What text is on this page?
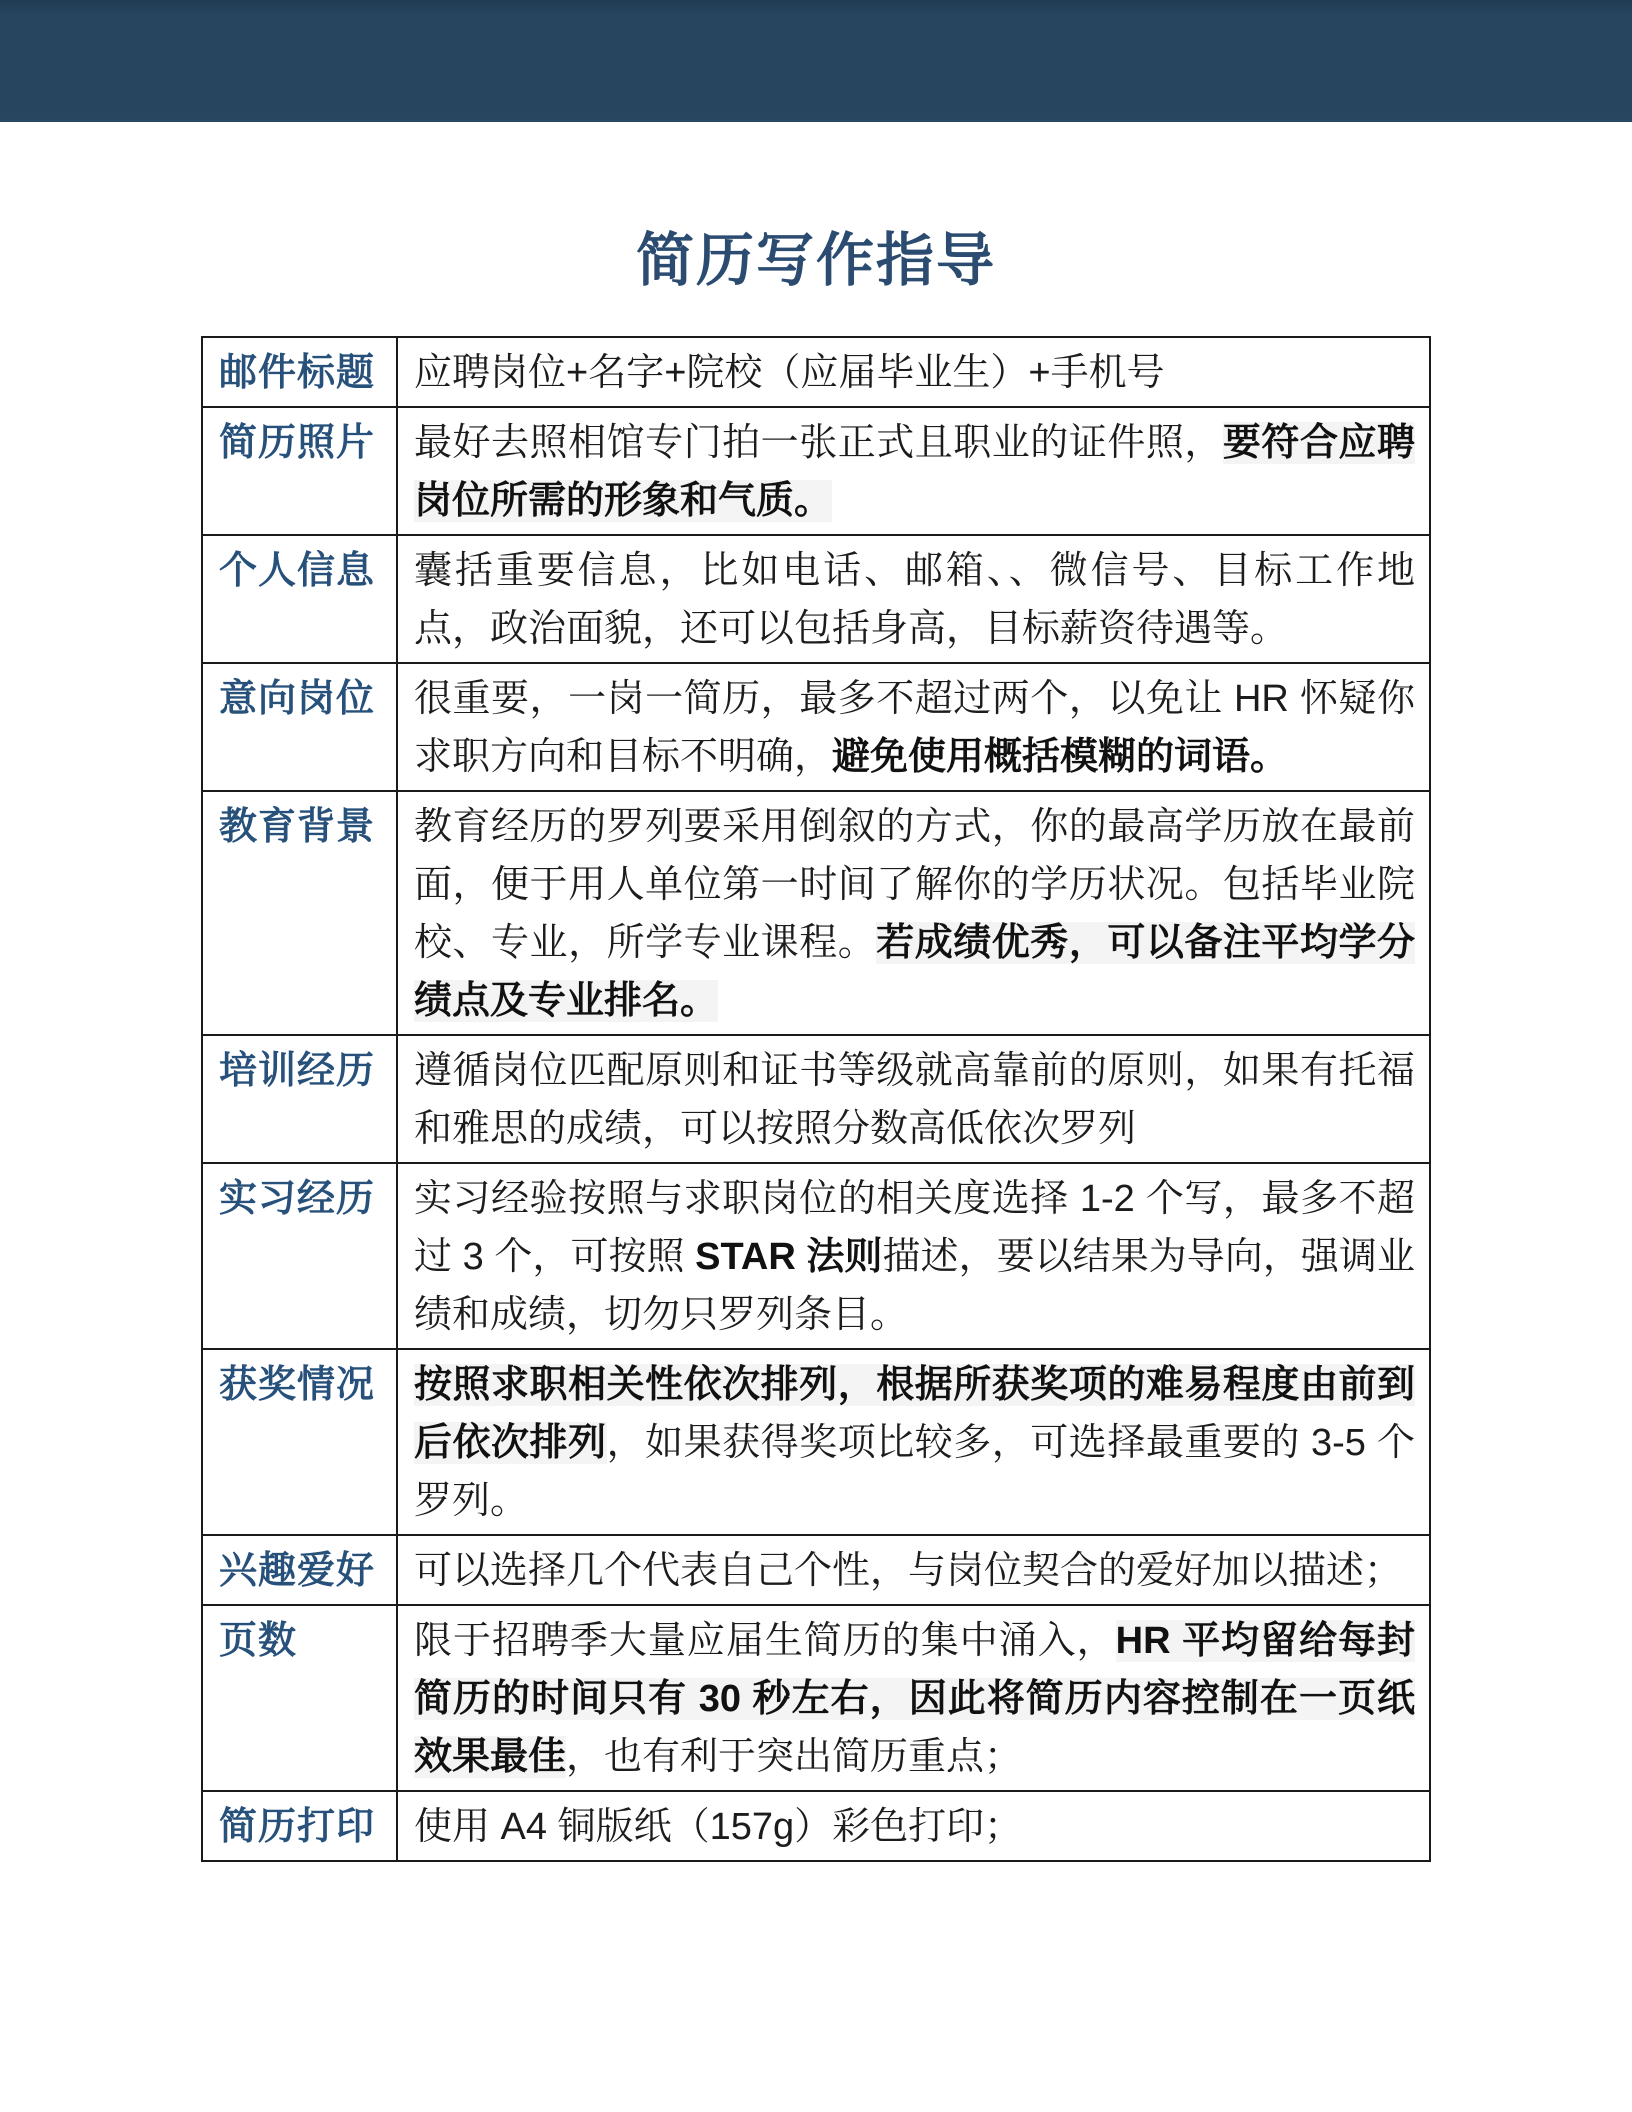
简历写作指导
邮件标题	应聘岗位+名字+院校（应届毕业生）+手机号
简历照片	最好去照相馆专门拍一张正式且职业的证件照，要符合应聘岗位所需的形象和气质。
个人信息	囊括重要信息，比如电话、邮箱、、微信号、目标工作地点，政治面貌，还可以包括身高，目标薪资待遇等。
意向岗位	很重要，一岗一简历，最多不超过两个，以免让 HR 怀疑你求职方向和目标不明确，避免使用概括模糊的词语。
教育背景	教育经历的罗列要采用倒叙的方式，你的最高学历放在最前面，便于用人单位第一时间了解你的学历状况。包括毕业院校、专业，所学专业课程。若成绩优秀，可以备注平均学分绩点及专业排名。
培训经历	遵循岗位匹配原则和证书等级就高靠前的原则，如果有托福和雅思的成绩，可以按照分数高低依次罗列
实习经历	实习经验按照与求职岗位的相关度选择 1-2 个写，最多不超过 3 个，可按照 STAR 法则描述，要以结果为导向，强调业绩和成绩，切勿只罗列条目。
获奖情况	按照求职相关性依次排列，根据所获奖项的难易程度由前到后依次排列，如果获得奖项比较多，可选择最重要的 3-5 个罗列。
兴趣爱好	可以选择几个代表自己个性，与岗位契合的爱好加以描述；
页数	限于招聘季大量应届生简历的集中涌入，HR 平均留给每封简历的时间只有 30 秒左右，因此将简历内容控制在一页纸效果最佳，也有利于突出简历重点；
简历打印	使用 A4 铜版纸（157g）彩色打印；
